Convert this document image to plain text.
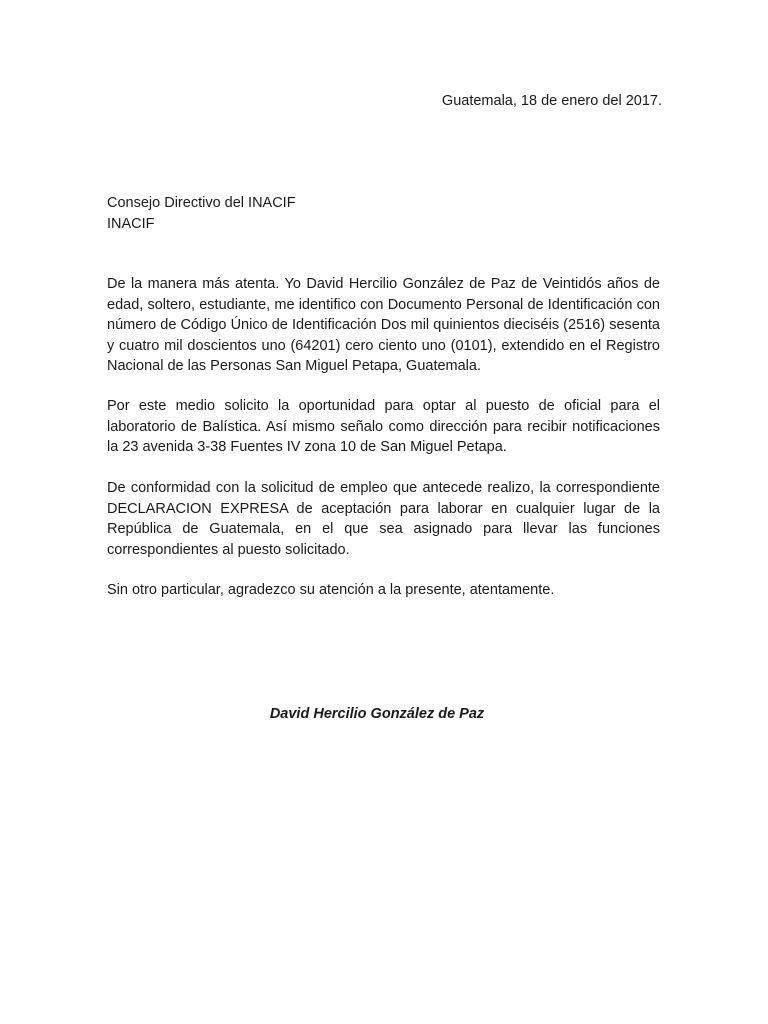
Guatemala, 18 de enero del 2017.
Consejo Directivo del INACIF
INACIF
De la manera más atenta. Yo David Hercilio González de Paz de Veintidós años de edad, soltero, estudiante, me identifico con Documento Personal de Identificación con número de Código Único de Identificación Dos mil quinientos dieciséis (2516) sesenta y cuatro mil doscientos uno (64201) cero ciento uno (0101), extendido en el Registro Nacional de las Personas San Miguel Petapa, Guatemala.
Por este medio solicito la oportunidad para optar al puesto de oficial para el laboratorio de Balística. Así mismo señalo como dirección para recibir notificaciones la 23 avenida 3-38 Fuentes IV zona 10 de San Miguel Petapa.
De conformidad con la solicitud de empleo que antecede realizo, la correspondiente DECLARACION EXPRESA de aceptación para laborar en cualquier lugar de la República de Guatemala, en el que sea asignado para llevar las funciones correspondientes al puesto solicitado.
Sin otro particular, agradezco su atención a la presente, atentamente.
David Hercilio González de Paz
